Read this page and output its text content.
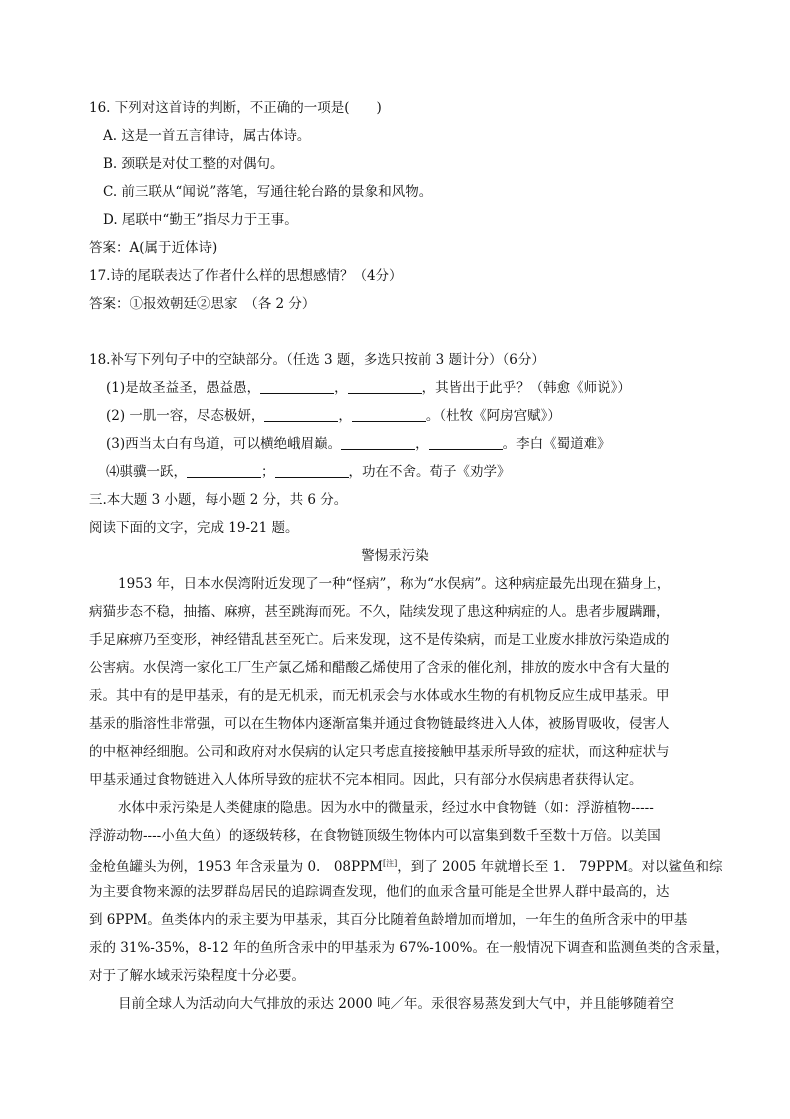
16. 下列对这首诗的判断，不正确的一项是(　　)
A. 这是一首五言律诗，属古体诗。
B. 颈联是对仗工整的对偶句。
C. 前三联从“闻说”落笔，写通往轮台路的景象和风物。
D. 尾联中“勤王”指尽力于王事。
答案：A(属于近体诗)
17.诗的尾联表达了作者什么样的思想感情？（4分）
答案：①报效朝廷②思家　（各 2 分）
18.补写下列句子中的空缺部分。（任选 3 题，多选只按前 3 题计分）（6分）
(1)是故圣益圣，愚益愚，	，	，其皆出于此乎？（韩愈《师说》）
(2) 一肌一容，尽态极妍，	，	。（杜牧《阿房宫赋》）
(3)西当太白有鸟道，可以横绝峨眉巅。	，	。李白《蜀道难》
⑷骐骥一跃，	；	，功在不舍。荀子《劝学》
三.本大题 3 小题，每小题 2 分，共 6 分。
阅读下面的文字，完成 19-21 题。
警惕汞污染
1953 年，日本水俣湾附近发现了一种“怪病”，称为“水俣病”。这种病症最先出现在猫身上，
病猫步态不稳，抽搐、麻痹，甚至跳海而死。不久，陆续发现了患这种病症的人。患者步履蹒跚，
手足麻痹乃至变形，神经错乱甚至死亡。后来发现，这不是传染病，而是工业废水排放污染造成的
公害病。水俣湾一家化工厂生产氯乙烯和醋酸乙烯使用了含汞的催化剂，排放的废水中含有大量的
汞。其中有的是甲基汞，有的是无机汞，而无机汞会与水体或水生物的有机物反应生成甲基汞。甲
基汞的脂溶性非常强，可以在生物体内逐渐富集并通过食物链最终进入人体，被肠胃吸收，侵害人
的中枢神经细胞。公司和政府对水俣病的认定只考虑直接接触甲基汞所导致的症状，而这种症状与
甲基汞通过食物链进入人体所导致的症状不完本相同。因此，只有部分水俣病患者获得认定。
水体中汞污染是人类健康的隐患。因为水中的微量汞，经过水中食物链（如：浮游植物-----
浮游动物----小鱼大鱼）的逐级转移，在食物链顶级生物体内可以富集到数千至数十万倍。以美国
金枪鱼罐头为例，1953 年含汞量为 0.　08PPM[注]，到了 2005 年就增长至 1.　79PPM。对以鲨鱼和综
为主要食物来源的法罗群岛居民的追踪调查发现，他们的血汞含量可能是全世界人群中最高的，达
到 6PPM。鱼类体内的汞主要为甲基汞，其百分比随着鱼龄增加而增加，一年生的鱼所含汞中的甲基
汞的 31%-35%，8-12 年的鱼所含汞中的甲基汞为 67%-100%。在一般情况下调查和监测鱼类的含汞量，
对于了解水域汞污染程度十分必要。
目前全球人为活动向大气排放的汞达 2000 吨／年。汞很容易蒸发到大气中，并且能够随着空
